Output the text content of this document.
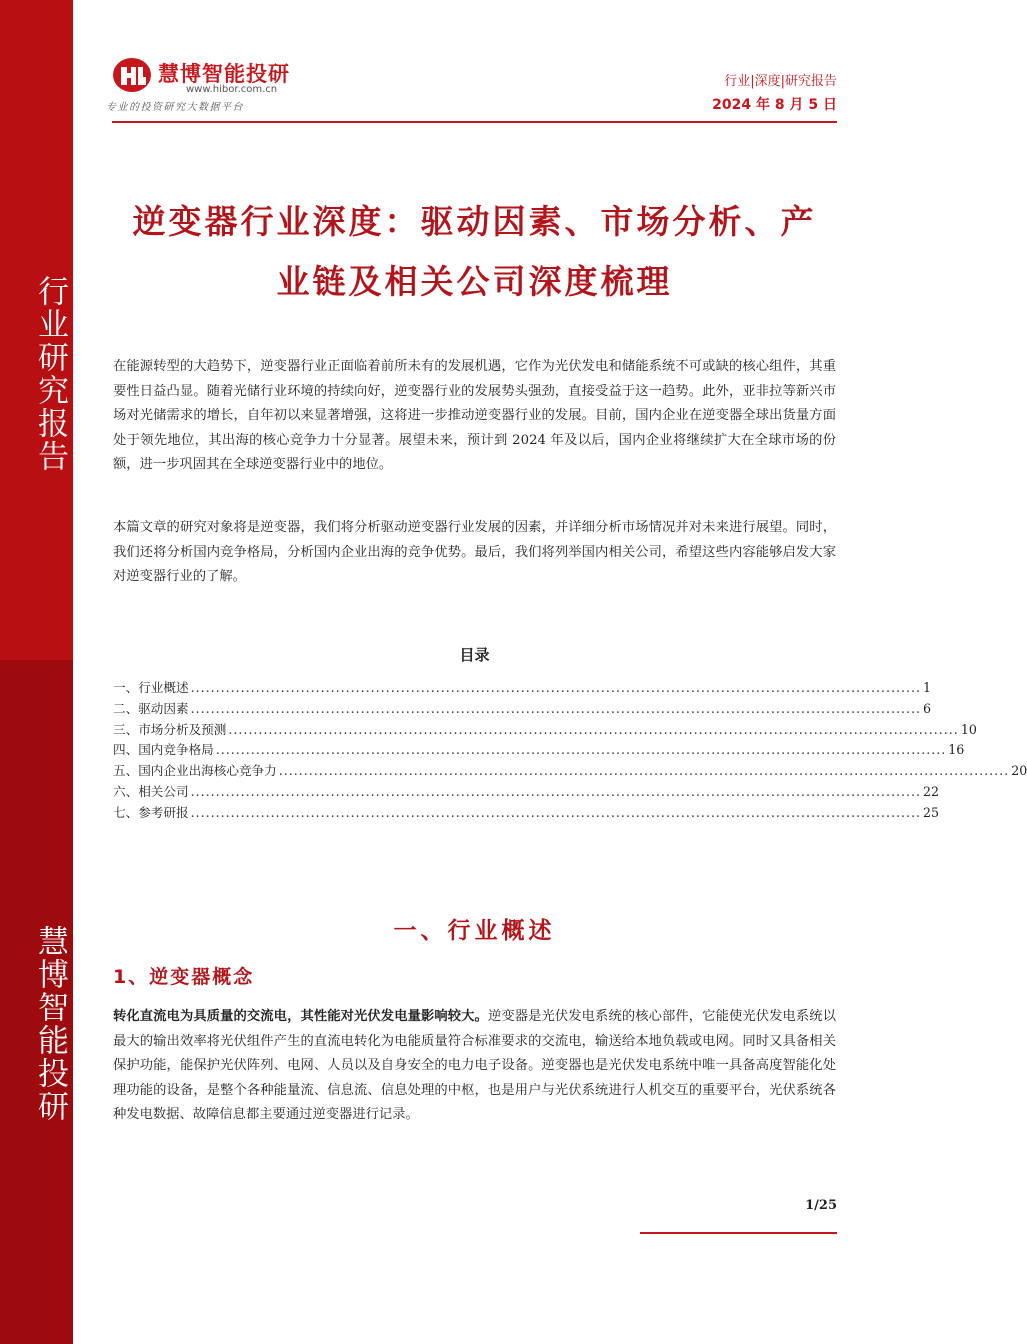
行业研究报告
慧博智能投研
慧博智能投研
www.hibor.com.cn
专业的投资研究大数据平台
行业|深度|研究报告
2024 年 8 月 5 日
逆变器行业深度：驱动因素、市场分析、产
业链及相关公司深度梳理
在能源转型的大趋势下，逆变器行业正面临着前所未有的发展机遇，它作为光伏发电和储能系统不可或缺的核心组件，其重要性日益凸显。随着光储行业环境的持续向好，逆变器行业的发展势头强劲，直接受益于这一趋势。此外，亚非拉等新兴市场对光储需求的增长，自年初以来显著增强，这将进一步推动逆变器行业的发展。目前，国内企业在逆变器全球出货量方面处于领先地位，其出海的核心竞争力十分显著。展望未来，预计到 2024 年及以后，国内企业将继续扩大在全球市场的份额，进一步巩固其在全球逆变器行业中的地位。
本篇文章的研究对象将是逆变器，我们将分析驱动逆变器行业发展的因素，并详细分析市场情况并对未来进行展望。同时，我们还将分析国内竞争格局，分析国内企业出海的竞争优势。最后，我们将列举国内相关公司，希望这些内容能够启发大家对逆变器行业的了解。
目录
一、行业概述 .................................................................................................................................................. 1
二、驱动因素 .................................................................................................................................................. 6
三、市场分析及预测 .................................................................................................................................................. 10
四、国内竞争格局 .................................................................................................................................................. 16
五、国内企业出海核心竞争力 .................................................................................................................................................. 20
六、相关公司 .................................................................................................................................................. 22
七、参考研报 .................................................................................................................................................. 25
一、行业概述
1、逆变器概念
转化直流电为具质量的交流电，其性能对光伏发电量影响较大。逆变器是光伏发电系统的核心部件，它能使光伏发电系统以最大的输出效率将光伏组件产生的直流电转化为电能质量符合标准要求的交流电，输送给本地负载或电网。同时又具备相关保护功能，能保护光伏阵列、电网、人员以及自身安全的电力电子设备。逆变器也是光伏发电系统中唯一具备高度智能化处理功能的设备，是整个各种能量流、信息流、信息处理的中枢，也是用户与光伏系统进行人机交互的重要平台，光伏系统各种发电数据、故障信息都主要通过逆变器进行记录。
1/25
